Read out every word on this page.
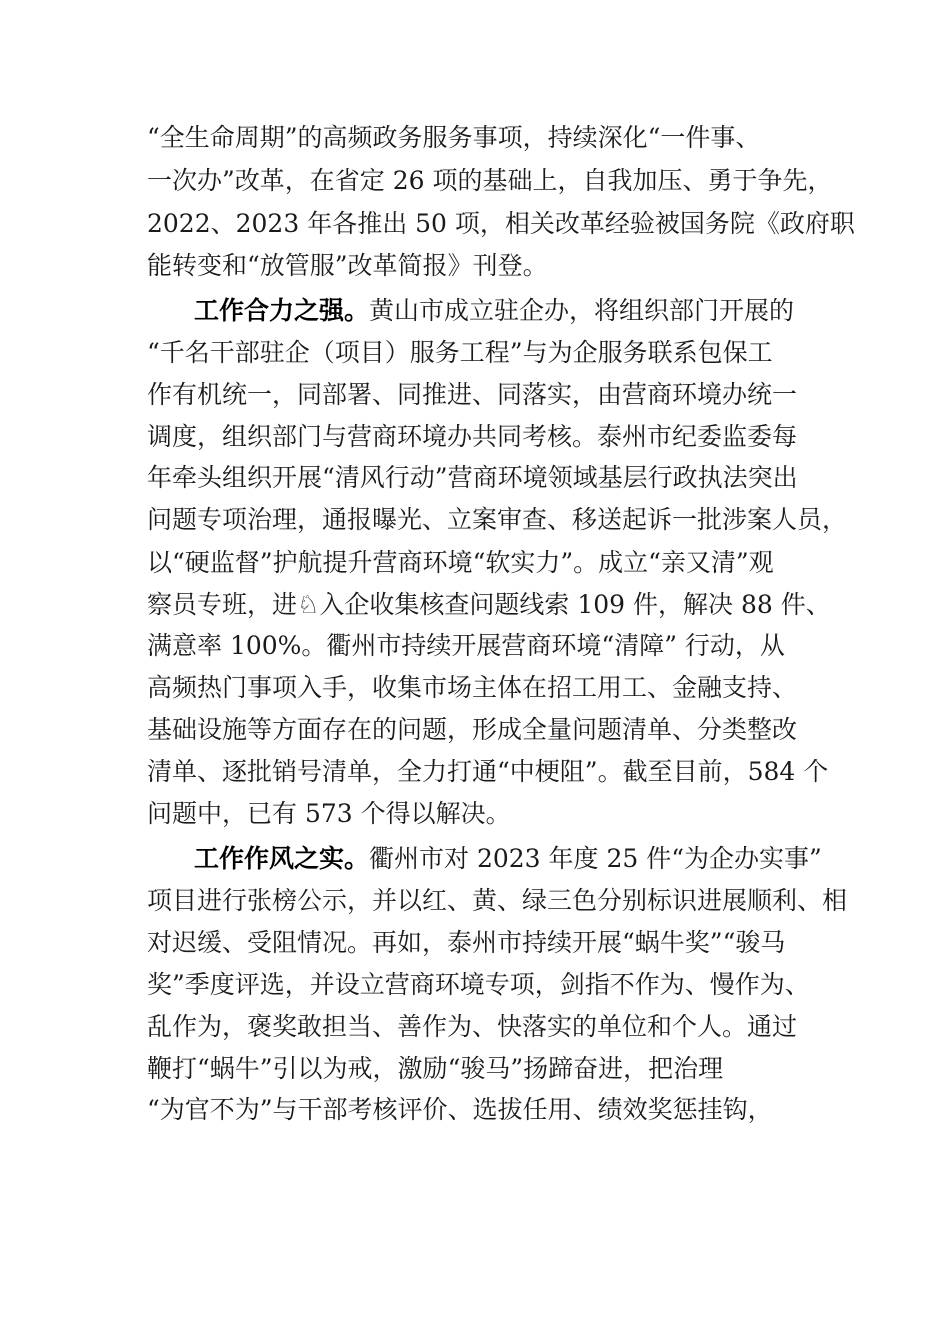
“全生命周期”的高频政务服务事项，持续深化“一件事、
一次办”改革，在省定 26 项的基础上，自我加压、勇于争先，
2022、2023 年各推出 50 项，相关改革经验被国务院《政府职
能转变和“放管服”改革简报》刊登。
工作合力之强。黄山市成立驻企办，将组织部门开展的
“千名干部驻企（项目）服务工程”与为企服务联系包保工
作有机统一，同部署、同推进、同落实，由营商环境办统一
调度，组织部门与营商环境办共同考核。泰州市纪委监委每
年牵头组织开展“清风行动”营商环境领域基层行政执法突出
问题专项治理，通报曝光、立案审查、移送起诉一批涉案人员，
以“硬监督”护航提升营商环境“软实力”。成立“亲又清”观
察员专班，进♘入企收集核查问题线索 109 件，解决 88 件、
满意率 100%。衢州市持续开展营商环境“清障” 行动，从
高频热门事项入手，收集市场主体在招工用工、金融支持、
基础设施等方面存在的问题，形成全量问题清单、分类整改
清单、逐批销号清单，全力打通“中梗阻”。截至目前，584 个
问题中，已有 573 个得以解决。
工作作风之实。衢州市对 2023 年度 25 件“为企办实事”
项目进行张榜公示，并以红、黄、绿三色分别标识进展顺利、相
对迟缓、受阻情况。再如，泰州市持续开展“蜗牛奖”“骏马
奖”季度评选，并设立营商环境专项，剑指不作为、慢作为、
乱作为，褒奖敢担当、善作为、快落实的单位和个人。通过
鞭打“蜗牛”引以为戒，激励“骏马”扬蹄奋进，把治理
“为官不为”与干部考核评价、选拔任用、绩效奖惩挂钩，
